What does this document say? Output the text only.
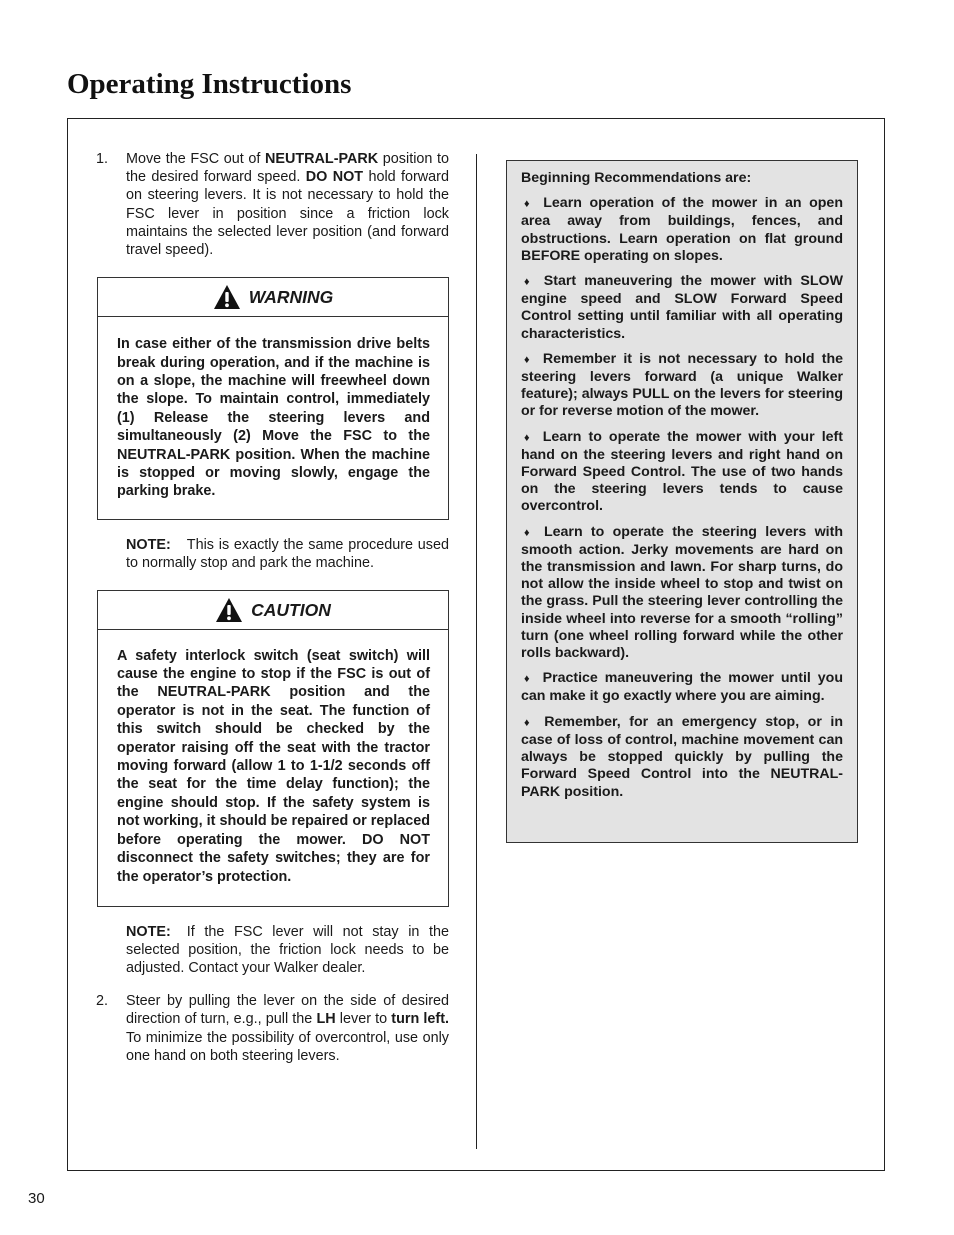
Operating Instructions
1.	Move the FSC out of NEUTRAL-PARK position to the desired forward speed. DO NOT hold forward on steering levers. It is not necessary to hold the FSC lever in position since a friction lock maintains the selected lever position (and forward travel speed).
WARNING
In case either of the transmission drive belts break during operation, and if the machine is on a slope, the machine will freewheel down the slope. To maintain control, immediately (1) Release the steering levers and simultaneously (2) Move the FSC to the NEUTRAL-PARK position. When the machine is stopped or moving slowly, engage the parking brake.
NOTE: This is exactly the same procedure used to normally stop and park the machine.
CAUTION
A safety interlock switch (seat switch) will cause the engine to stop if the FSC is out of the NEUTRAL-PARK position and the operator is not in the seat. The function of this switch should be checked by the operator raising off the seat with the tractor moving forward (allow 1 to 1-1/2 seconds off the seat for the time delay function); the engine should stop. If the safety system is not working, it should be repaired or replaced before operating the mower. DO NOT disconnect the safety switches; they are for the operator’s protection.
NOTE: If the FSC lever will not stay in the selected position, the friction lock needs to be adjusted. Contact your Walker dealer.
2.	Steer by pulling the lever on the side of desired direction of turn, e.g., pull the LH lever to turn left. To minimize the possibility of overcontrol, use only one hand on both steering levers.

Beginning Recommendations are:

♦ Learn operation of the mower in an open area away from buildings, fences, and obstructions. Learn operation on flat ground BEFORE operating on slopes.

♦ Start maneuvering the mower with SLOW engine speed and SLOW Forward Speed Control setting until familiar with all operating characteristics.

♦ Remember it is not necessary to hold the steering levers forward (a unique Walker feature); always PULL on the levers for steering or for reverse motion of the mower.

♦ Learn to operate the mower with your left hand on the steering levers and right hand on Forward Speed Control. The use of two hands on the steering levers tends to cause overcontrol.

♦ Learn to operate the steering levers with smooth action. Jerky movements are hard on the transmission and lawn. For sharp turns, do not allow the inside wheel to stop and twist on the grass. Pull the steering lever controlling the inside wheel into reverse for a smooth “rolling” turn (one wheel rolling forward while the other rolls backward).

♦ Practice maneuvering the mower until you can make it go exactly where you are aiming.

♦ Remember, for an emergency stop, or in case of loss of control, machine movement can always be stopped quickly by pulling the Forward Speed Control into the NEUTRAL-PARK position.

30
